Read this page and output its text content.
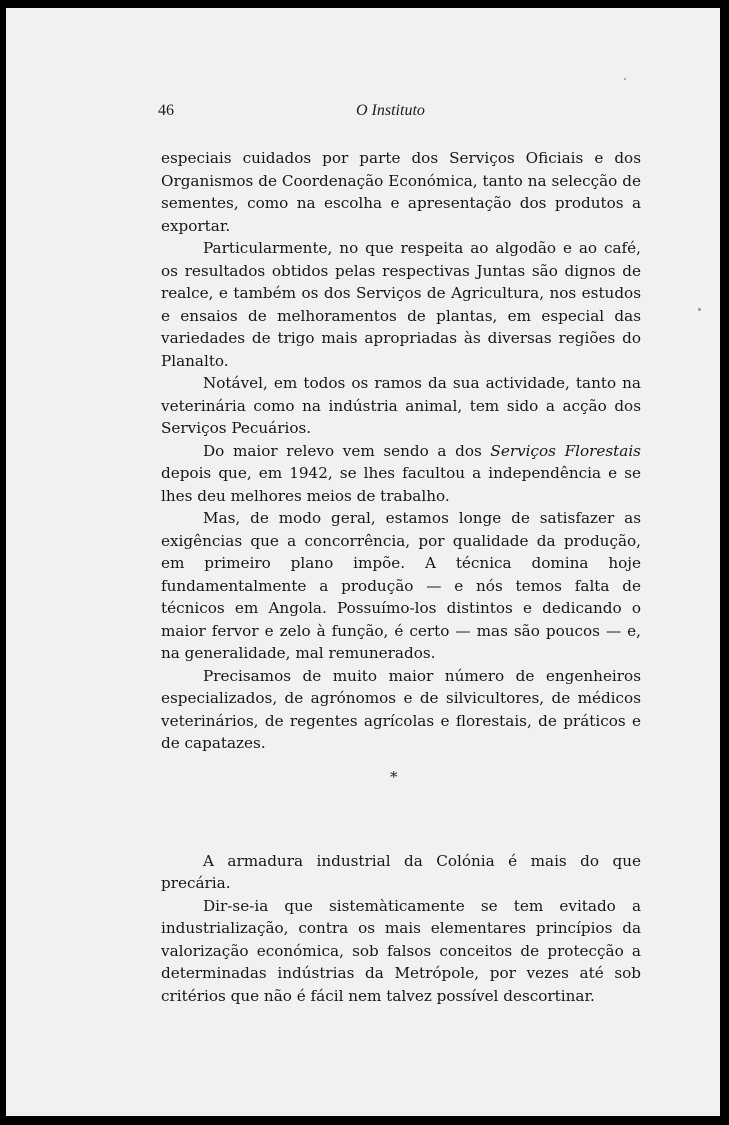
46	O Instituto

especiais cuidados por parte dos Serviços Oficiais e dos Organismos de Coordenação Económica, tanto na selecção de sementes, como na escolha e apresentação dos produtos a exportar.

Particularmente, no que respeita ao algodão e ao café, os resultados obtidos pelas respectivas Juntas são dignos de realce, e também os dos Serviços de Agricultura, nos estudos e ensaios de melhoramentos de plantas, em especial das variedades de trigo mais apropriadas às diversas regiões do Planalto.

Notável, em todos os ramos da sua actividade, tanto na veterinária como na indústria animal, tem sido a acção dos Serviços Pecuários.

Do maior relevo vem sendo a dos Serviços Florestais depois que, em 1942, se lhes facultou a independência e se lhes deu melhores meios de trabalho.

Mas, de modo geral, estamos longe de satisfazer as exigências que a concorrência, por qualidade da produção, em primeiro plano impõe. A técnica domina hoje fundamentalmente a produção — e nós temos falta de técnicos em Angola. Possuímo-los distintos e dedicando o maior fervor e zelo à função, é certo — mas são poucos — e, na generalidade, mal remunerados.

Precisamos de muito maior número de engenheiros especializados, de agrónomos e de silvicultores, de médicos veterinários, de regentes agrícolas e florestais, de práticos e de capatazes.

A armadura industrial da Colónia é mais do que precária.

Dir-se-ia que sistemàticamente se tem evitado a industrialização, contra os mais elementares princípios da valorização económica, sob falsos conceitos de protecção a determinadas indústrias da Metrópole, por vezes até sob critérios que não é fácil nem talvez possível descortinar.

*
